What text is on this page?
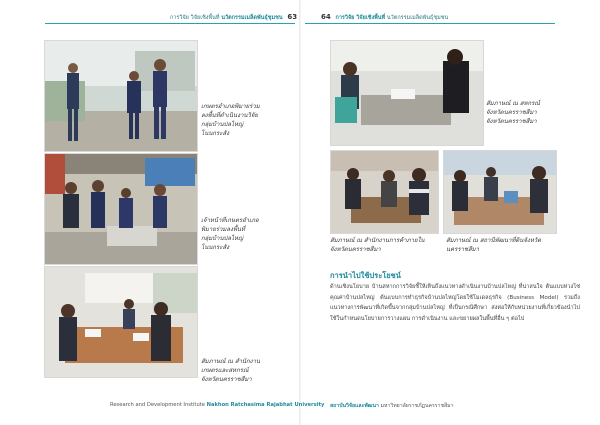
การวิจัย วิจัยเชิงพื้นที่ นวัตกรรมเมล็ดพันธุ์ชุมชน 63	64 การวิจัย วิจัยเชิงพื้นที่ นวัตกรรมเมล็ดพันธุ์ชุมชน
เกษตรอำเภอพิมายร่วม
ลงพื้นที่ดำเนินงานวิจัย
กลุ่มบ้านปลไหญ่
โนนกระสัง
เจ้าหน้าที่เกษตรอำเภอ
พิมายร่วมลงพื้นที่
กลุ่มบ้านปลไหญ่
โนนกระสัง
สัมภาษณ์ ณ สำนักงาน
เกษตรและสหกรณ์
จังหวัดนครราชสีมา
สัมภาษณ์ ณ สหกรณ์
จังหวัดนครราชสีมา
จังหวัดนครราชสีมา
สัมภาษณ์ ณ สำนักงานการค้าภายใน
จังหวัดนครราชสีมา
สัมภาษณ์ ณ สถานีพัฒนาที่ดินจังหวัด
นครราชสีมา
การนำไปใช้ประโยชน์
ด้านเชิงนโยบาย บ้านสหากการวิจัยชี้ให้เห็นถึงแนวทางดำเนินงานบ้านปลไหญ่ ที่น่าสนใจ ต้นแบบห่วงโซ่คุณค่าบ้านปลไหญ่ ต้นแบบการทำธุรกิจบ้านปลไหญ่โดยใช้โมเดลธุรกิจ (Business Model) รวมถึงแนวทางการพัฒนาที่เกิดขึ้นจากกลุ่มบ้านปลไหญ่ ที่เป็นกรณีศึกษา ส่งต่อให้กับหน่วยงานที่เกี่ยวข้องนำไปใช้ในกำหนดนโยบายการวางแผน การดำเนินงาน และขยายผลในพื้นที่อื่น ๆ ต่อไป
Research and Development Institute Nakhon Ratchasima Rajabhat University สถาบันวิจัยและพัฒนา มหาวิทยาลัยราชภัฏนครราชสีมา
